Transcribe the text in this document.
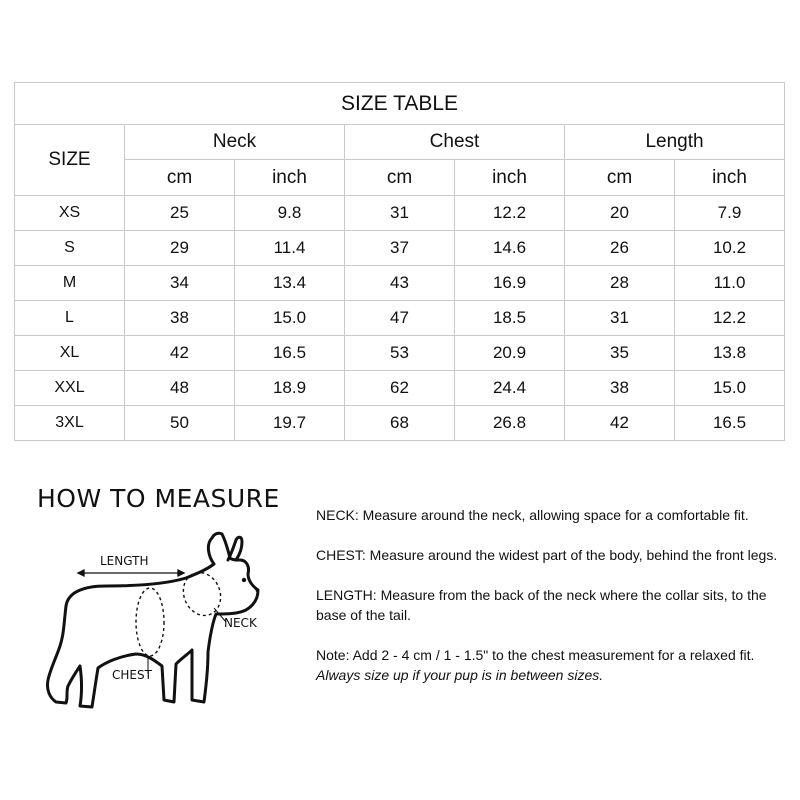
SIZE TABLE						
SIZE	Neck		Chest		Length	
	cm	inch	cm	inch	cm	inch
XS	25	9.8	31	12.2	20	7.9
S	29	11.4	37	14.6	26	10.2
M	34	13.4	43	16.9	28	11.0
L	38	15.0	47	18.5	31	12.2
XL	42	16.5	53	20.9	35	13.8
XXL	48	18.9	62	24.4	38	15.0
3XL	50	19.7	68	26.8	42	16.5
HOW TO MEASURE
LENGTH
NECK
CHEST

NECK: Measure around the neck, allowing space for a comfortable fit.

CHEST: Measure around the widest part of the body, behind the front legs.

LENGTH: Measure from the back of the neck where the collar sits, to the base of the tail.

Note: Add 2 - 4 cm / 1 - 1.5" to the chest measurement for a relaxed fit.
Always size up if your pup is in between sizes.
